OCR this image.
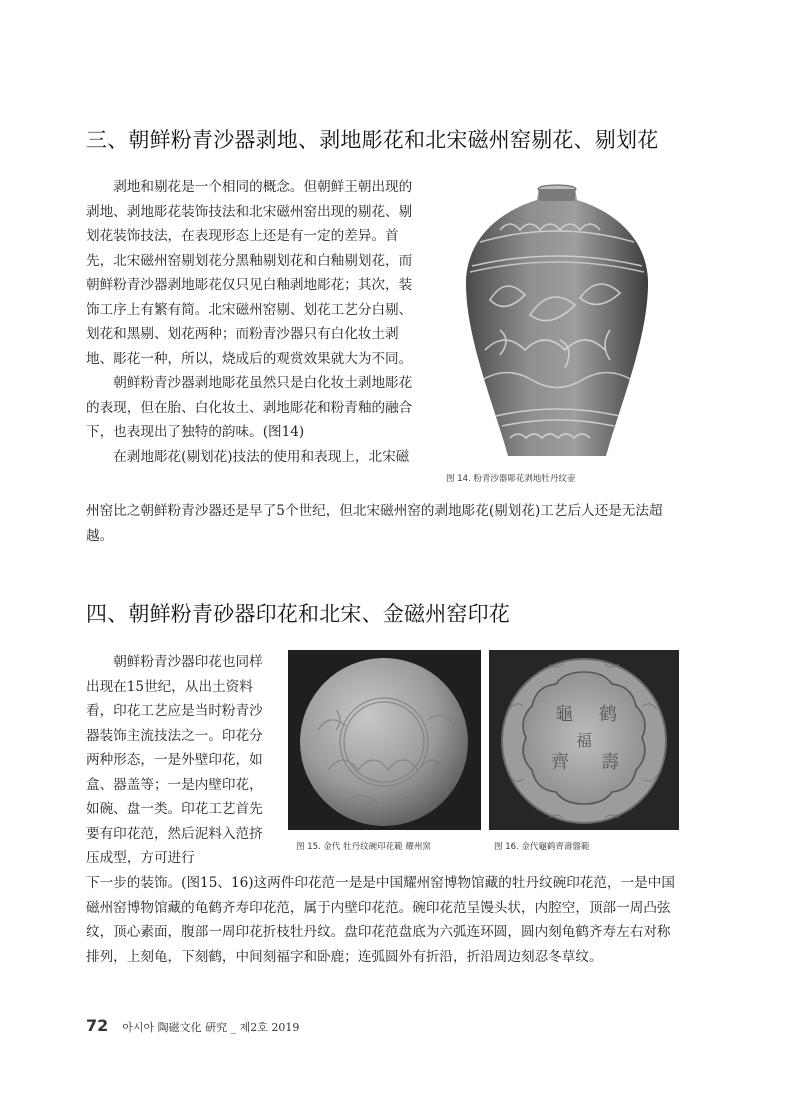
三、朝鲜粉青沙器剥地、剥地彫花和北宋磁州窑剔花、剔划花

剥地和剔花是一个相同的概念。但朝鲜王朝出现的剥地、剥地彫花装饰技法和北宋磁州窑出现的剔花、剔划花装饰技法，在表现形态上还是有一定的差异。首先，北宋磁州窑剔划花分黑釉剔划花和白釉剔划花，而朝鲜粉青沙器剥地彫花仅只见白釉剥地彫花；其次，装饰工序上有繁有简。北宋磁州窑剔、划花工艺分白剔、划花和黑剔、划花两种；而粉青沙器只有白化妆土剥地、彫花一种，所以，烧成后的观赏效果就大为不同。

朝鲜粉青沙器剥地彫花虽然只是白化妆土剥地彫花的表现，但在胎、白化妆土、剥地彫花和粉青釉的融合下，也表现出了独特的韵味。(图14)

在剥地彫花(剔划花)技法的使用和表现上，北宋磁

州窑比之朝鲜粉青沙器还是早了5个世纪，但北宋磁州窑的剥地彫花(剔划花)工艺后人还是无法超越。

图 14. 粉青沙器彫花剥地牡丹纹壶
四、朝鲜粉青砂器印花和北宋、金磁州窑印花

朝鲜粉青沙器印花也同样出现在15世纪，从出土资料看，印花工艺应是当时粉青沙器装饰主流技法之一。印花分两种形态，一是外壁印花，如盒、器盖等；一是内壁印花，如碗、盘一类。印花工艺首先要有印花范，然后泥料入范挤压成型，方可进行

下一步的装饰。(图15、16)这两件印花范一是是中国耀州窑博物馆藏的牡丹纹碗印花范，一是中国磁州窑博物馆藏的龟鹤齐寿印花范，属于内壁印花范。碗印花范呈馒头状，内腔空，顶部一周凸弦纹，顶心素面，腹部一周印花折枝牡丹纹。盘印花范盘底为六弧连环圆，圆内刻龟鹤齐寿左右对称排列，上刻龟，下刻鹤，中间刻福字和卧鹿；连弧圆外有折沿，折沿周边刻忍冬草纹。

图 15. 金代 牡丹纹碗印花範 耀州窯
龜 鹤
齊 壽
福
图 16. 金代龜鹤齊壽盤範
72 아시아 陶磁文化 硏究 _ 제2호 2019
